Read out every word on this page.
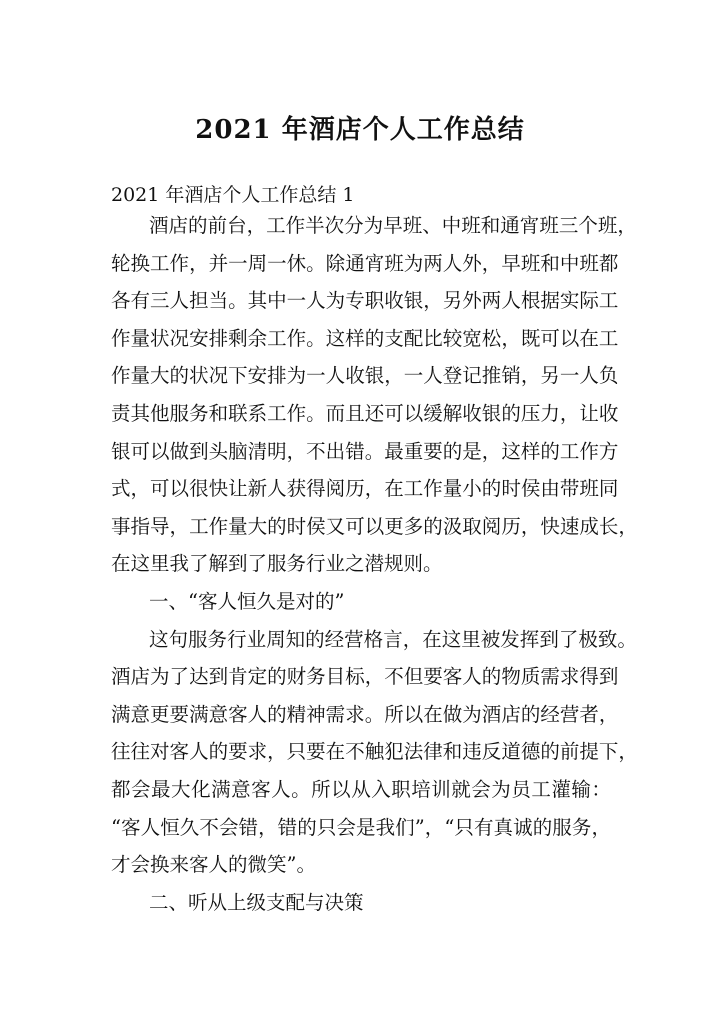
2021 年酒店个人工作总结
2021 年酒店个人工作总结 1
酒 店 的 前 台 ， 工 作 半 次 分 为 早 班 、 中 班 和 通 宵 班 三 个 班 ，
轮 换 工 作 ， 并 一 周 一 休 。 除 通 宵 班 为 两 人 外 ， 早 班 和 中 班 都
各 有 三 人 担 当 。 其 中 一 人 为 专 职 收 银 ， 另 外 两 人 根 据 实 际 工
作 量 状 况 安 排 剩 余 工 作 。 这 样 的 支 配 比 较 宽 松 ， 既 可 以 在 工
作 量 大 的 状 况 下 安 排 为 一 人 收 银 ， 一 人 登 记 推 销 ， 另 一 人 负
责 其 他 服 务 和 联 系 工 作 。 而 且 还 可 以 缓 解 收 银 的 压 力 ， 让 收
银 可 以 做 到 头 脑 清 明 ， 不 出 错 。 最 重 要 的 是 ， 这 样 的 工 作 方
式 ， 可 以 很 快 让 新 人 获 得 阅 历 ， 在 工 作 量 小 的 时 侯 由 带 班 同
事 指 导 ， 工 作 量 大 的 时 侯 又 可 以 更 多 的 汲 取 阅 历 ， 快 速 成 长 ，
在这里我了解到了服务行业之潜规则。
一、“客人恒久是对的”
这 句 服 务 行 业 周 知 的 经 营 格 言 ， 在 这 里 被 发 挥 到 了 极 致 。
酒 店 为 了 达 到 肯 定 的 财 务 目 标 ， 不 但 要 客 人 的 物 质 需 求 得 到
满 意 更 要 满 意 客 人 的 精 神 需 求 。 所 以 在 做 为 酒 店 的 经 营 者 ，
往 往 对 客 人 的 要 求 ， 只 要 在 不 触 犯 法 律 和 违 反 道 德 的 前 提 下 ，
都 会 最 大 化 满 意 客 人 。 所 以 从 入 职 培 训 就 会 为 员 工 灌 输 ：
“ 客 人 恒 久 不 会 错 ， 错 的 只 会 是 我 们 ” ， “ 只 有 真 诚 的 服 务 ，
才会换来客人的微笑”。
二、听从上级支配与决策
